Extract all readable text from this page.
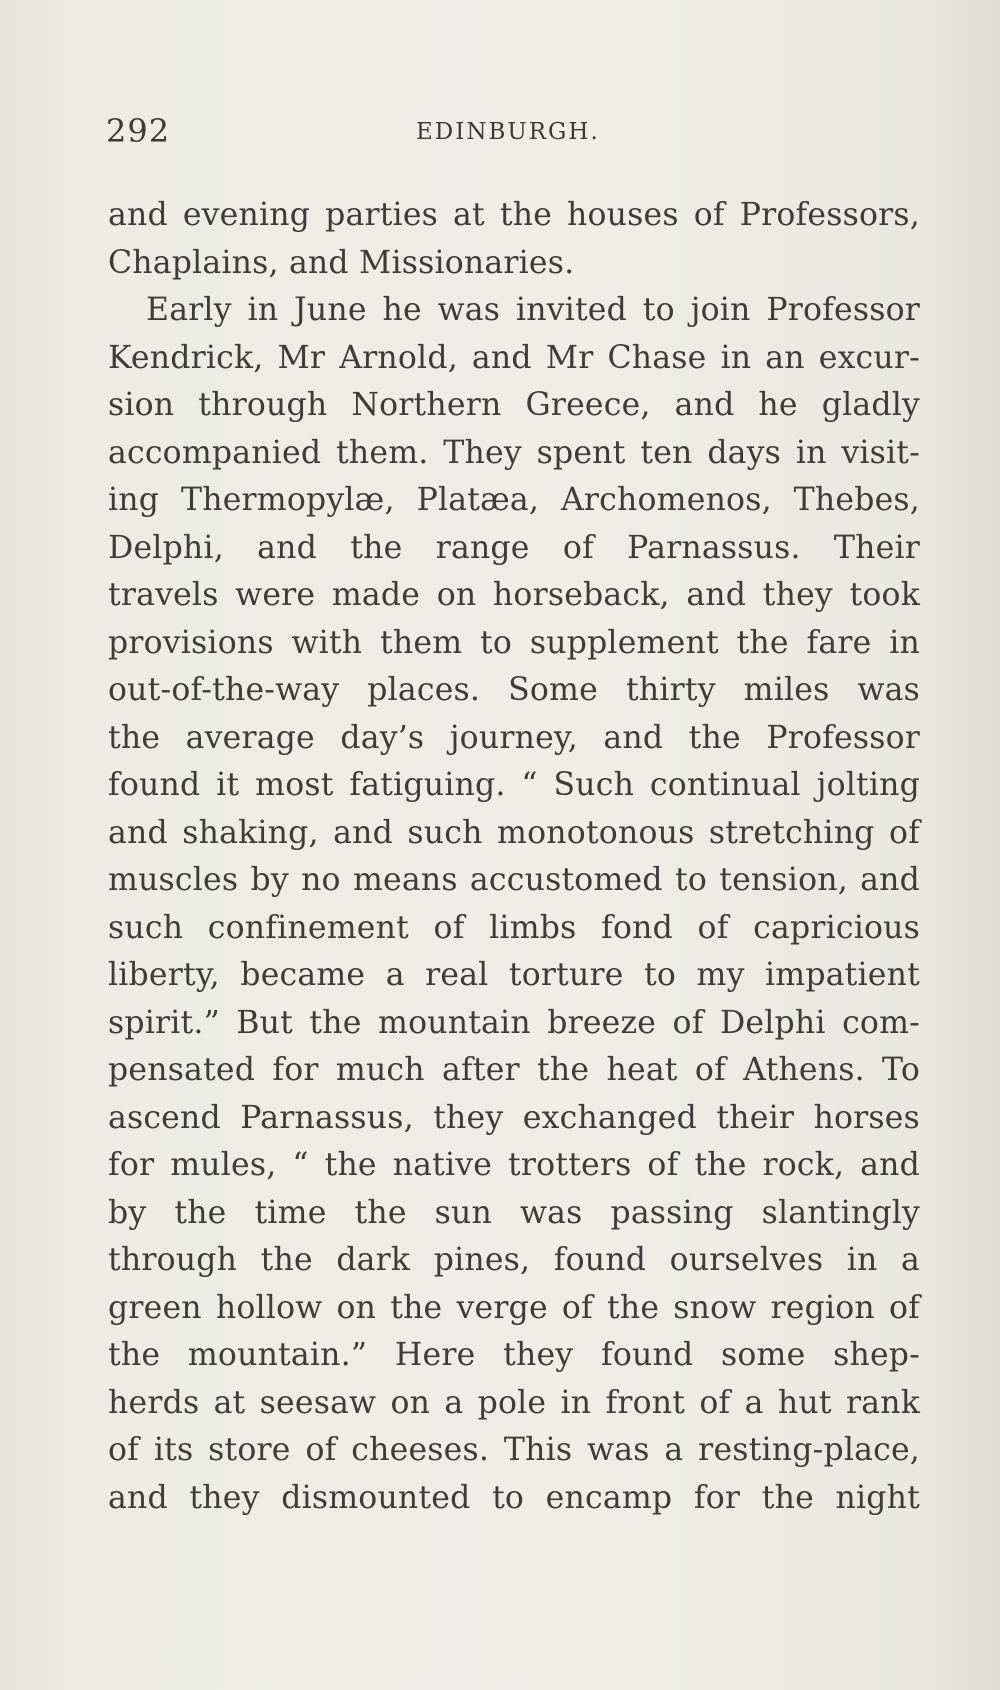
292	EDINBURGH.
and evening parties at the houses of Professors,
Chaplains, and Missionaries.
Early in June he was invited to join Professor
Kendrick, Mr Arnold, and Mr Chase in an excur-
sion through Northern Greece, and he gladly
accompanied them. They spent ten days in visit-
ing Thermopylæ, Platæa, Archomenos, Thebes,
Delphi, and the range of Parnassus. Their
travels were made on horseback, and they took
provisions with them to supplement the fare in
out-of-the-way places. Some thirty miles was
the average day’s journey, and the Professor
found it most fatiguing. “ Such continual jolting
and shaking, and such monotonous stretching of
muscles by no means accustomed to tension, and
such confinement of limbs fond of capricious
liberty, became a real torture to my impatient
spirit.” But the mountain breeze of Delphi com-
pensated for much after the heat of Athens. To
ascend Parnassus, they exchanged their horses
for mules, “ the native trotters of the rock, and
by the time the sun was passing slantingly
through the dark pines, found ourselves in a
green hollow on the verge of the snow region of
the mountain.” Here they found some shep-
herds at seesaw on a pole in front of a hut rank
of its store of cheeses. This was a resting-place,
and they dismounted to encamp for the night
